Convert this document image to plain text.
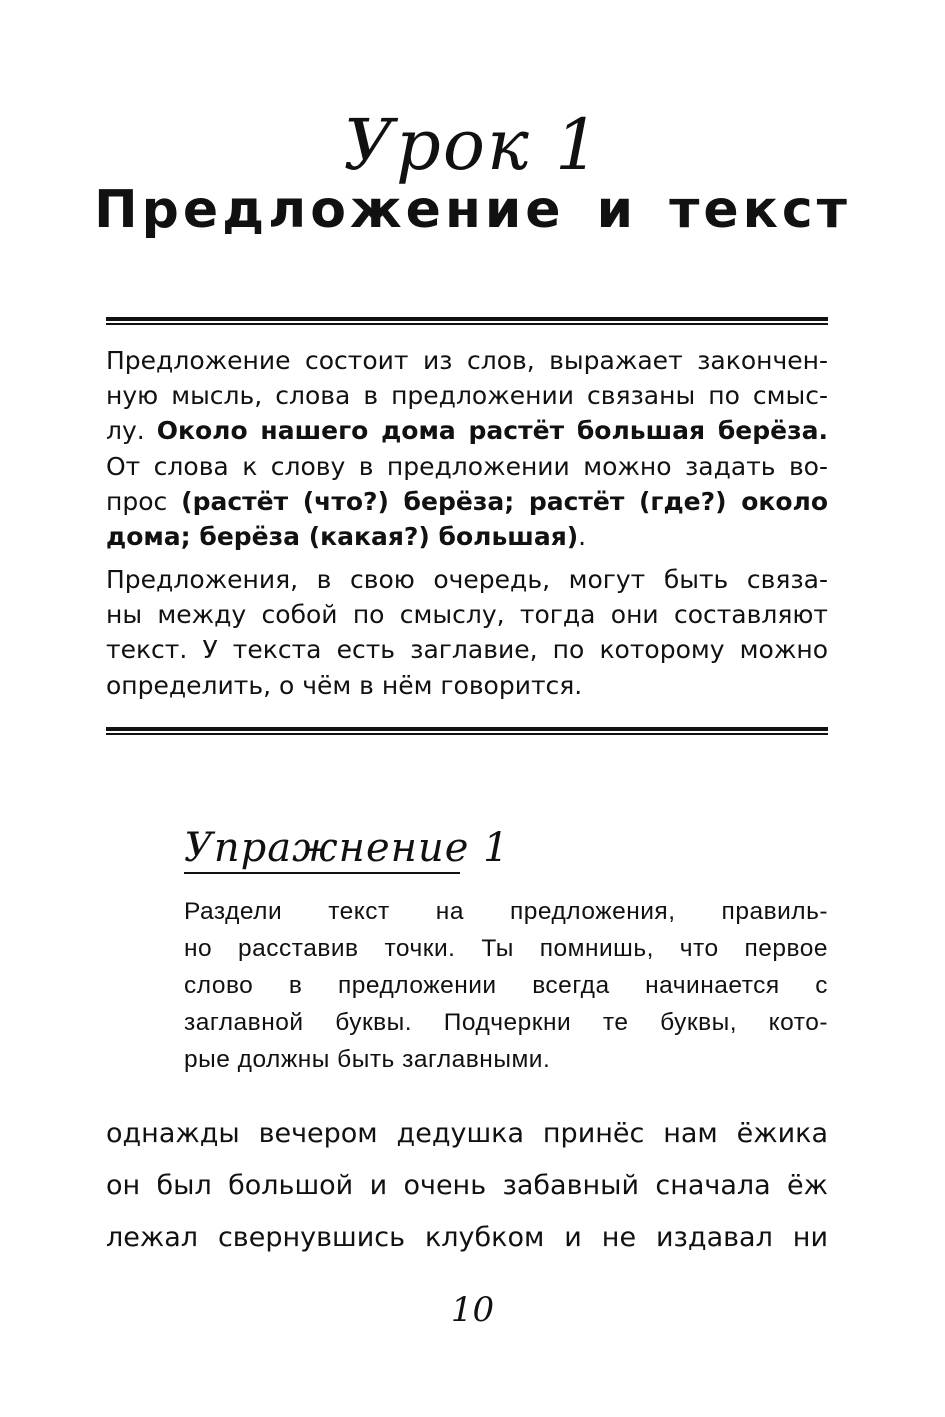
Урок 1
Предложение и текст

Предложение состоит из слов, выражает закончен-
ную мысль, слова в предложении связаны по смыс-
лу. Около нашего дома растёт большая берёза.
От слова к слову в предложении можно задать во-
прос (растёт (что?) берёза; растёт (где?) около
дома; берёза (какая?) большая).

Предложения, в свою очередь, могут быть связа-
ны между собой по смыслу, тогда они составляют
текст. У текста есть заглавие, по которому можно
определить, о чём в нём говорится.

Упражнение 1

Раздели текст на предложения, правиль-
но расставив точки. Ты помнишь, что первое
слово в предложении всегда начинается с
заглавной буквы. Подчеркни те буквы, кото-
рые должны быть заглавными.

однажды вечером дедушка принёс нам ёжика
он был большой и очень забавный сначала ёж
лежал свернувшись клубком и не издавал ни

10
